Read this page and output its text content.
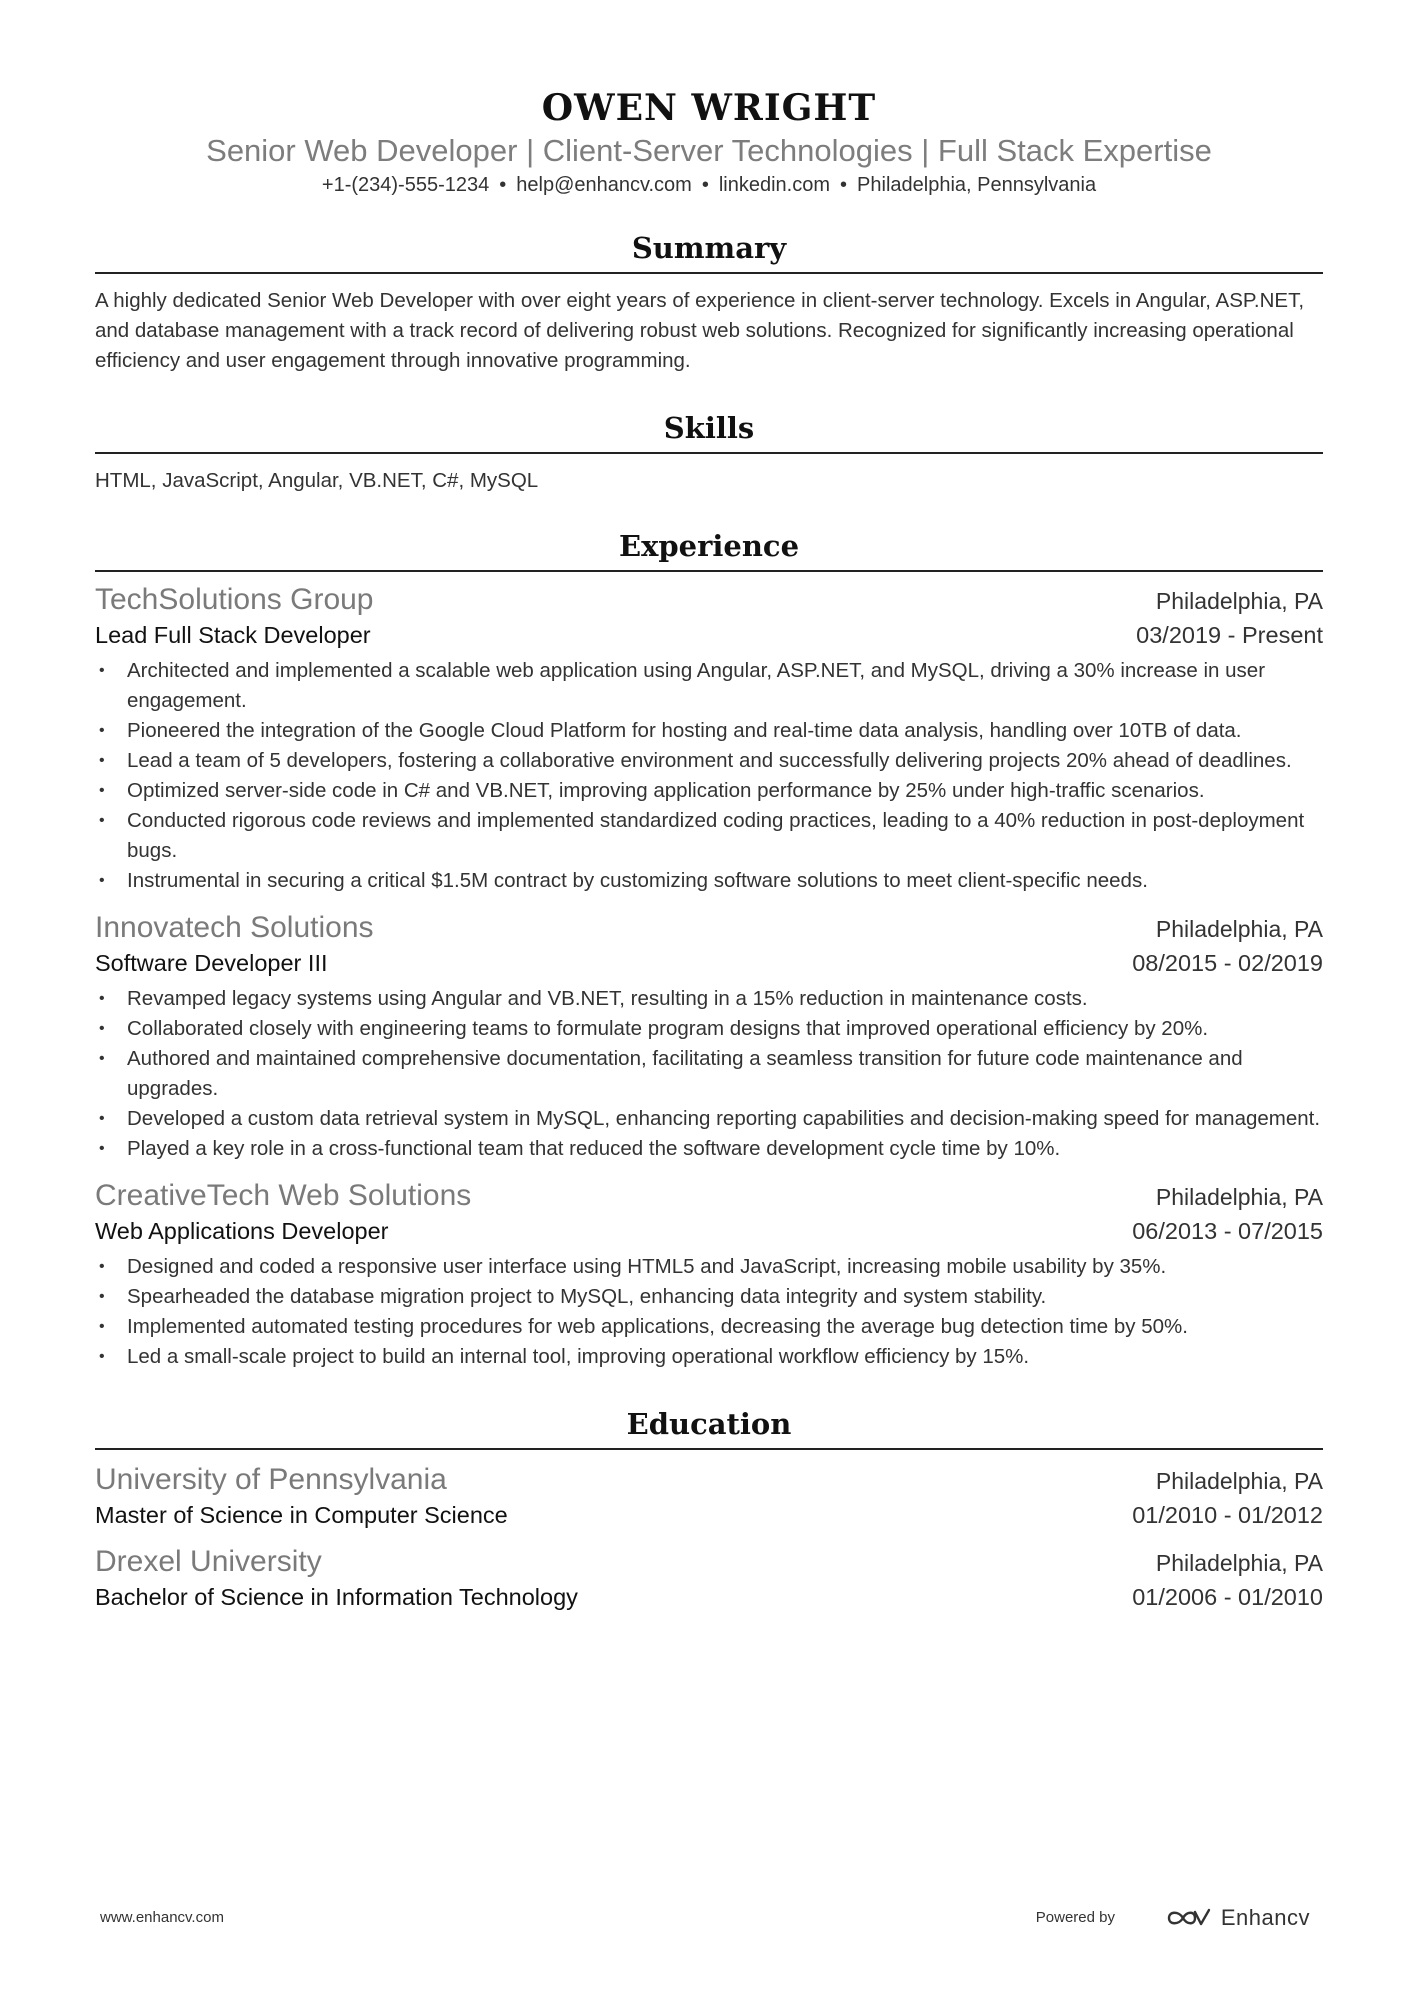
OWEN WRIGHT
Senior Web Developer | Client-Server Technologies | Full Stack Expertise
+1-(234)-555-1234 • help@enhancv.com • linkedin.com • Philadelphia, Pennsylvania
Summary
A highly dedicated Senior Web Developer with over eight years of experience in client-server technology. Excels in Angular, ASP.NET, and database management with a track record of delivering robust web solutions. Recognized for significantly increasing operational efficiency and user engagement through innovative programming.
Skills
HTML, JavaScript, Angular, VB.NET, C#, MySQL
Experience
TechSolutions Group	Philadelphia, PA
Lead Full Stack Developer	03/2019 - Present
• Architected and implemented a scalable web application using Angular, ASP.NET, and MySQL, driving a 30% increase in user engagement.
• Pioneered the integration of the Google Cloud Platform for hosting and real-time data analysis, handling over 10TB of data.
• Lead a team of 5 developers, fostering a collaborative environment and successfully delivering projects 20% ahead of deadlines.
• Optimized server-side code in C# and VB.NET, improving application performance by 25% under high-traffic scenarios.
• Conducted rigorous code reviews and implemented standardized coding practices, leading to a 40% reduction in post-deployment bugs.
• Instrumental in securing a critical $1.5M contract by customizing software solutions to meet client-specific needs.
Innovatech Solutions	Philadelphia, PA
Software Developer III	08/2015 - 02/2019
• Revamped legacy systems using Angular and VB.NET, resulting in a 15% reduction in maintenance costs.
• Collaborated closely with engineering teams to formulate program designs that improved operational efficiency by 20%.
• Authored and maintained comprehensive documentation, facilitating a seamless transition for future code maintenance and upgrades.
• Developed a custom data retrieval system in MySQL, enhancing reporting capabilities and decision-making speed for management.
• Played a key role in a cross-functional team that reduced the software development cycle time by 10%.
CreativeTech Web Solutions	Philadelphia, PA
Web Applications Developer	06/2013 - 07/2015
• Designed and coded a responsive user interface using HTML5 and JavaScript, increasing mobile usability by 35%.
• Spearheaded the database migration project to MySQL, enhancing data integrity and system stability.
• Implemented automated testing procedures for web applications, decreasing the average bug detection time by 50%.
• Led a small-scale project to build an internal tool, improving operational workflow efficiency by 15%.
Education
University of Pennsylvania	Philadelphia, PA
Master of Science in Computer Science	01/2010 - 01/2012
Drexel University	Philadelphia, PA
Bachelor of Science in Information Technology	01/2006 - 01/2010
www.enhancv.com	Powered by	Enhancv
